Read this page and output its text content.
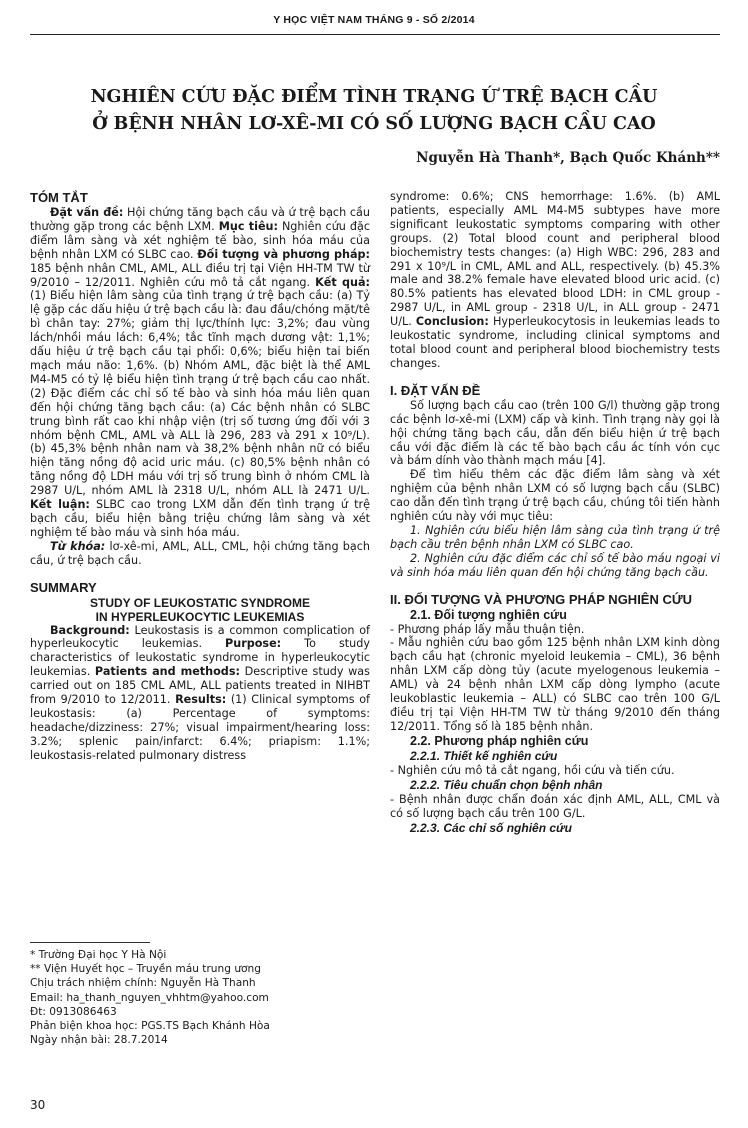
Y HỌC VIỆT NAM THÁNG 9 - SỐ 2/2014
NGHIÊN CỨU ĐẶC ĐIỂM TÌNH TRẠNG Ứ TRỆ BẠCH CẦU
Ở BỆNH NHÂN LƠ-XÊ-MI CÓ SỐ LƯỢNG BẠCH CẦU CAO
Nguyễn Hà Thanh*, Bạch Quốc Khánh**
TÓM TẮT

Đặt vấn đề: Hội chứng tăng bạch cầu và ứ trệ bạch cầu thường gặp trong các bệnh LXM. Mục tiêu: Nghiên cứu đặc điểm lâm sàng và xét nghiệm tế bào, sinh hóa máu của bệnh nhân LXM có SLBC cao. Đối tượng và phương pháp: 185 bệnh nhân CML, AML, ALL điều trị tại Viện HH-TM TW từ 9/2010 – 12/2011. Nghiên cứu mô tả cắt ngang. Kết quả: (1) Biểu hiện lâm sàng của tình trạng ứ trệ bạch cầu: (a) Tỷ lệ gặp các dấu hiệu ứ trệ bạch cầu là: đau đầu/chóng mặt/tê bì chân tay: 27%; giảm thị lực/thính lực: 3,2%; đau vùng lách/nhồi máu lách: 6,4%; tắc tĩnh mạch dương vật: 1,1%; dấu hiệu ứ trệ bạch cầu tại phổi: 0,6%; biểu hiện tai biến mạch máu não: 1,6%. (b) Nhóm AML, đặc biệt là thể AML M4-M5 có tỷ lệ biểu hiện tình trạng ứ trệ bạch cầu cao nhất. (2) Đặc điểm các chỉ số tế bào và sinh hóa máu liên quan đến hội chứng tăng bạch cầu: (a) Các bệnh nhân có SLBC trung bình rất cao khi nhập viện (trị số tương ứng đối với 3 nhóm bệnh CML, AML và ALL là 296, 283 và 291 x 10⁹/L). (b) 45,3% bệnh nhân nam và 38,2% bệnh nhân nữ có biểu hiện tăng nồng độ acid uric máu. (c) 80,5% bệnh nhân có tăng nồng độ LDH máu với trị số trung bình ở nhóm CML là 2987 U/L, nhóm AML là 2318 U/L, nhóm ALL là 2471 U/L. Kết luận: SLBC cao trong LXM dẫn đến tình trạng ứ trệ bạch cầu, biểu hiện bằng triệu chứng lâm sàng và xét nghiệm tế bào máu và sinh hóa máu.

Từ khóa: lơ-xê-mi, AML, ALL, CML, hội chứng tăng bạch cầu, ứ trệ bạch cầu.

SUMMARY
STUDY OF LEUKOSTATIC SYNDROME
IN HYPERLEUKOCYTIC LEUKEMIAS

Background: Leukostasis is a common complication of hyperleukocytic leukemias. Purpose: To study characteristics of leukostatic syndrome in hyperleukocytic leukemias. Patients and methods: Descriptive study was carried out on 185 CML AML, ALL patients treated in NIHBT from 9/2010 to 12/2011. Results: (1) Clinical symptoms of leukostasis: (a) Percentage of symptoms: headache/dizziness: 27%; visual impairment/hearing loss: 3.2%; splenic pain/infarct: 6.4%; priapism: 1.1%; leukostasis-related pulmonary distress

* Trường Đại học Y Hà Nội
** Viện Huyết học – Truyền máu trung ương
Chịu trách nhiệm chính: Nguyễn Hà Thanh
Email: ha_thanh_nguyen_vhhtm@yahoo.com
Đt: 0913086463
Phản biện khoa học: PGS.TS Bạch Khánh Hòa
Ngày nhận bài: 28.7.2014

syndrome: 0.6%; CNS hemorrhage: 1.6%. (b) AML patients, especially AML M4-M5 subtypes have more significant leukostatic symptoms comparing with other groups. (2) Total blood count and peripheral blood biochemistry tests changes: (a) High WBC: 296, 283 and 291 x 10⁹/L in CML, AML and ALL, respectively. (b) 45.3% male and 38.2% female have elevated blood uric acid. (c) 80.5% patients has elevated blood LDH: in CML group - 2987 U/L, in AML group - 2318 U/L, in ALL group - 2471 U/L. Conclusion: Hyperleukocytosis in leukemias leads to leukostatic syndrome, including clinical symptoms and total blood count and peripheral blood biochemistry tests changes.

I. ĐẶT VẤN ĐỀ

Số lượng bạch cầu cao (trên 100 G/l) thường gặp trong các bệnh lơ-xê-mi (LXM) cấp và kinh. Tình trạng này gọi là hội chứng tăng bạch cầu, dẫn đến biểu hiện ứ trệ bạch cầu với đặc điểm là các tế bào bạch cầu ác tính vón cục và bám dính vào thành mạch máu [4].

Để tìm hiểu thêm các đặc điểm lâm sàng và xét nghiệm của bệnh nhân LXM có số lượng bạch cầu (SLBC) cao dẫn đến tình trạng ứ trệ bạch cầu, chúng tôi tiến hành nghiên cứu này với mục tiêu:

1. Nghiên cứu biểu hiện lâm sàng của tình trạng ứ trệ bạch cầu trên bệnh nhân LXM có SLBC cao.

2. Nghiên cứu đặc điểm các chỉ số tế bào máu ngoại vi và sinh hóa máu liên quan đến hội chứng tăng bạch cầu.

II. ĐỐI TƯỢNG VÀ PHƯƠNG PHÁP NGHIÊN CỨU
2.1. Đối tượng nghiên cứu

- Phương pháp lấy mẫu thuận tiện.

- Mẫu nghiên cứu bao gồm 125 bệnh nhân LXM kinh dòng bạch cầu hạt (chronic myeloid leukemia – CML), 36 bệnh nhân LXM cấp dòng tủy (acute myelogenous leukemia – AML) và 24 bệnh nhân LXM cấp dòng lympho (acute leukoblastic leukemia – ALL) có SLBC cao trên 100 G/L điều trị tại Viện HH-TM TW từ tháng 9/2010 đến tháng 12/2011. Tổng số là 185 bệnh nhân.

2.2. Phương pháp nghiên cứu
2.2.1. Thiết kế nghiên cứu

- Nghiên cứu mô tả cắt ngang, hồi cứu và tiến cứu.

2.2.2. Tiêu chuẩn chọn bệnh nhân

- Bệnh nhân được chẩn đoán xác định AML, ALL, CML và có số lượng bạch cầu trên 100 G/L.

2.2.3. Các chỉ số nghiên cứu
30
